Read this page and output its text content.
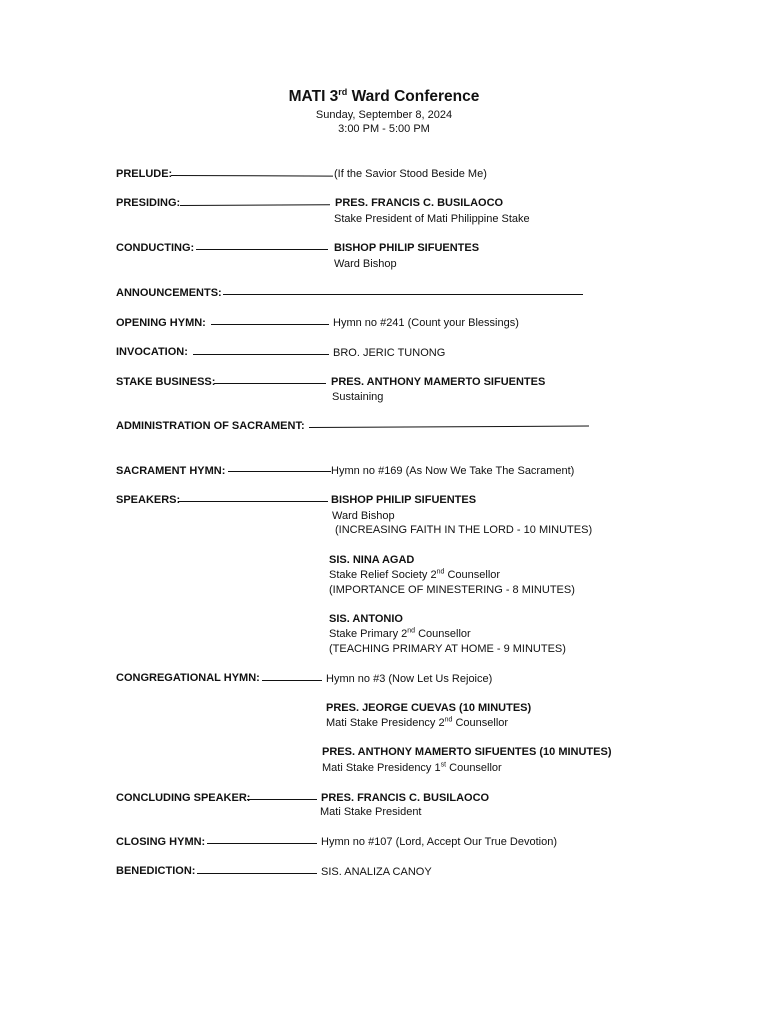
MATI 3rd Ward Conference
Sunday, September 8, 2024
3:00 PM - 5:00 PM
PRELUDE:	(If the Savior Stood Beside Me)
PRESIDING:	PRES. FRANCIS C. BUSILAOCO
Stake President of Mati Philippine Stake
CONDUCTING:	BISHOP PHILIP SIFUENTES
Ward Bishop
ANNOUNCEMENTS:
OPENING HYMN:	Hymn no #241 (Count your Blessings)
INVOCATION:	BRO. JERIC TUNONG
STAKE BUSINESS:	PRES. ANTHONY MAMERTO SIFUENTES
Sustaining
ADMINISTRATION OF SACRAMENT:
SACRAMENT HYMN:	Hymn no #169 (As Now We Take The Sacrament)
SPEAKERS:	BISHOP PHILIP SIFUENTES
Ward Bishop
(INCREASING FAITH IN THE LORD - 10 MINUTES)
SIS. NINA AGAD
Stake Relief Society 2nd Counsellor
(IMPORTANCE OF MINESTERING - 8 MINUTES)
SIS. ANTONIO
Stake Primary 2nd Counsellor
(TEACHING PRIMARY AT HOME - 9 MINUTES)
CONGREGATIONAL HYMN:	Hymn no #3 (Now Let Us Rejoice)
PRES. JEORGE CUEVAS (10 MINUTES)
Mati Stake Presidency 2nd Counsellor
PRES. ANTHONY MAMERTO SIFUENTES (10 MINUTES)
Mati Stake Presidency 1st Counsellor
CONCLUDING SPEAKER:	PRES. FRANCIS C. BUSILAOCO
Mati Stake President
CLOSING HYMN:	Hymn no #107 (Lord, Accept Our True Devotion)
BENEDICTION:	SIS. ANALIZA CANOY
